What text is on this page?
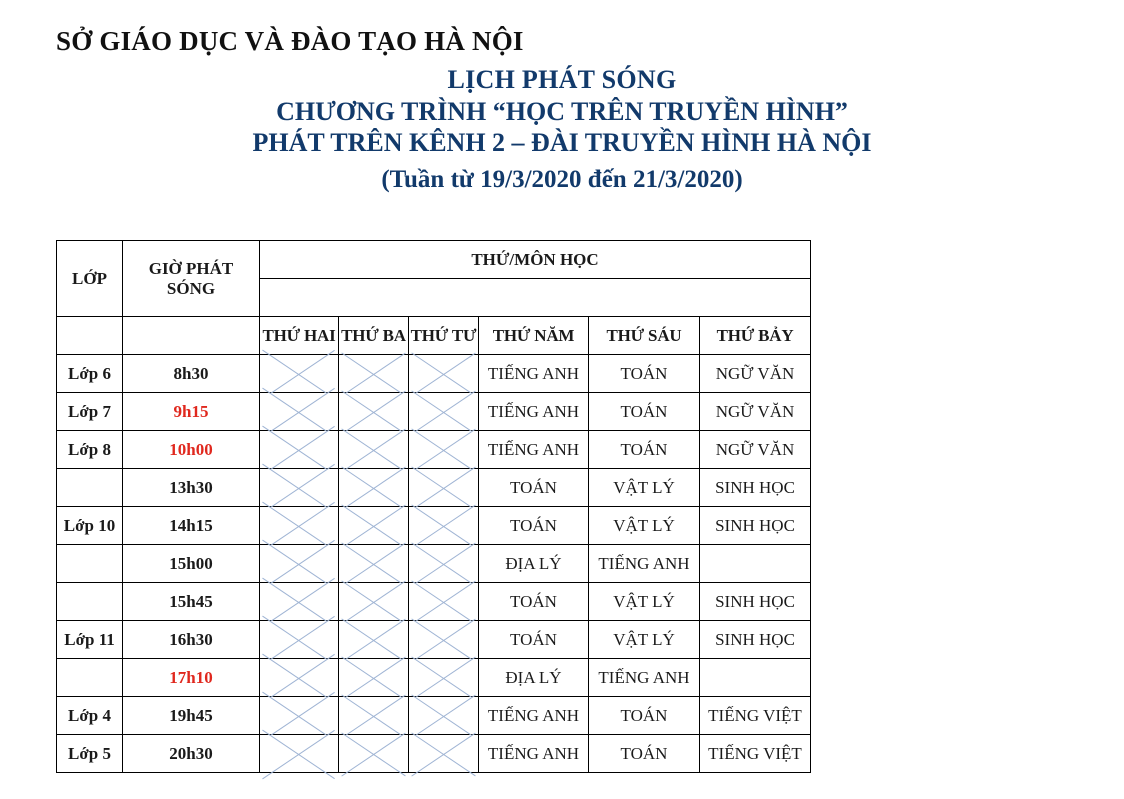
SỞ GIÁO DỤC VÀ ĐÀO TẠO HÀ NỘI
LỊCH PHÁT SÓNG
CHƯƠNG TRÌNH “HỌC TRÊN TRUYỀN HÌNH”
PHÁT TRÊN KÊNH 2 – ĐÀI TRUYỀN HÌNH HÀ NỘI
(Tuần từ 19/3/2020 đến 21/3/2020)
LỚP	GIỜ PHÁT
SÓNG	THỨ/MÔN HỌC					

		THỨ HAI	THỨ BA	THỨ TƯ	THỨ NĂM	THỨ SÁU	THỨ BẢY
Lớp 6	8h30				TIẾNG ANH	TOÁN	NGỮ VĂN
Lớp 7	9h15				TIẾNG ANH	TOÁN	NGỮ VĂN
Lớp 8	10h00				TIẾNG ANH	TOÁN	NGỮ VĂN
	13h30				TOÁN	VẬT LÝ	SINH HỌC
Lớp 10	14h15				TOÁN	VẬT LÝ	SINH HỌC
	15h00				ĐỊA LÝ	TIẾNG ANH	
	15h45				TOÁN	VẬT LÝ	SINH HỌC
Lớp 11	16h30				TOÁN	VẬT LÝ	SINH HỌC
	17h10				ĐỊA LÝ	TIẾNG ANH	
Lớp 4	19h45				TIẾNG ANH	TOÁN	TIẾNG VIỆT
Lớp 5	20h30				TIẾNG ANH	TOÁN	TIẾNG VIỆT
